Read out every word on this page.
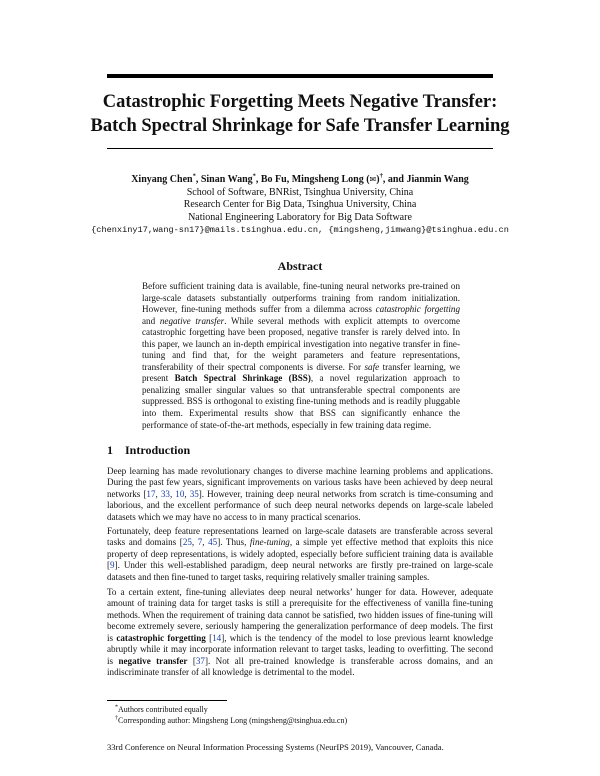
Catastrophic Forgetting Meets Negative Transfer:
Batch Spectral Shrinkage for Safe Transfer Learning
Xinyang Chen*, Sinan Wang*, Bo Fu, Mingsheng Long (✉)†, and Jianmin Wang
School of Software, BNRist, Tsinghua University, China
Research Center for Big Data, Tsinghua University, China
National Engineering Laboratory for Big Data Software
{chenxiny17,wang-sn17}@mails.tsinghua.edu.cn, {mingsheng,jimwang}@tsinghua.edu.cn
Abstract

Before sufficient training data is available, fine-tuning neural networks pre-trained on large-scale datasets substantially outperforms training from random initialization. However, fine-tuning methods suffer from a dilemma across catastrophic forgetting and negative transfer. While several methods with explicit attempts to overcome catastrophic forgetting have been proposed, negative transfer is rarely delved into. In this paper, we launch an in-depth empirical investigation into negative transfer in fine-tuning and find that, for the weight parameters and feature representations, transferability of their spectral components is diverse. For safe transfer learning, we present Batch Spectral Shrinkage (BSS), a novel regularization approach to penalizing smaller singular values so that untransferable spectral components are suppressed. BSS is orthogonal to existing fine-tuning methods and is readily pluggable into them. Experimental results show that BSS can significantly enhance the performance of state-of-the-art methods, especially in few training data regime.

1 Introduction

Deep learning has made revolutionary changes to diverse machine learning problems and applications. During the past few years, significant improvements on various tasks have been achieved by deep neural networks [17, 33, 10, 35]. However, training deep neural networks from scratch is time-consuming and laborious, and the excellent performance of such deep neural networks depends on large-scale labeled datasets which we may have no access to in many practical scenarios.

Fortunately, deep feature representations learned on large-scale datasets are transferable across several tasks and domains [25, 7, 45]. Thus, fine-tuning, a simple yet effective method that exploits this nice property of deep representations, is widely adopted, especially before sufficient training data is available [9]. Under this well-established paradigm, deep neural networks are firstly pre-trained on large-scale datasets and then fine-tuned to target tasks, requiring relatively smaller training samples.

To a certain extent, fine-tuning alleviates deep neural networks’ hunger for data. However, adequate amount of training data for target tasks is still a prerequisite for the effectiveness of vanilla fine-tuning methods. When the requirement of training data cannot be satisfied, two hidden issues of fine-tuning will become extremely severe, seriously hampering the generalization performance of deep models. The first is catastrophic forgetting [14], which is the tendency of the model to lose previous learnt knowledge abruptly while it may incorporate information relevant to target tasks, leading to overfitting. The second is negative transfer [37]. Not all pre-trained knowledge is transferable across domains, and an indiscriminate transfer of all knowledge is detrimental to the model.

*Authors contributed equally

†Corresponding author: Mingsheng Long (mingsheng@tsinghua.edu.cn)

33rd Conference on Neural Information Processing Systems (NeurIPS 2019), Vancouver, Canada.
